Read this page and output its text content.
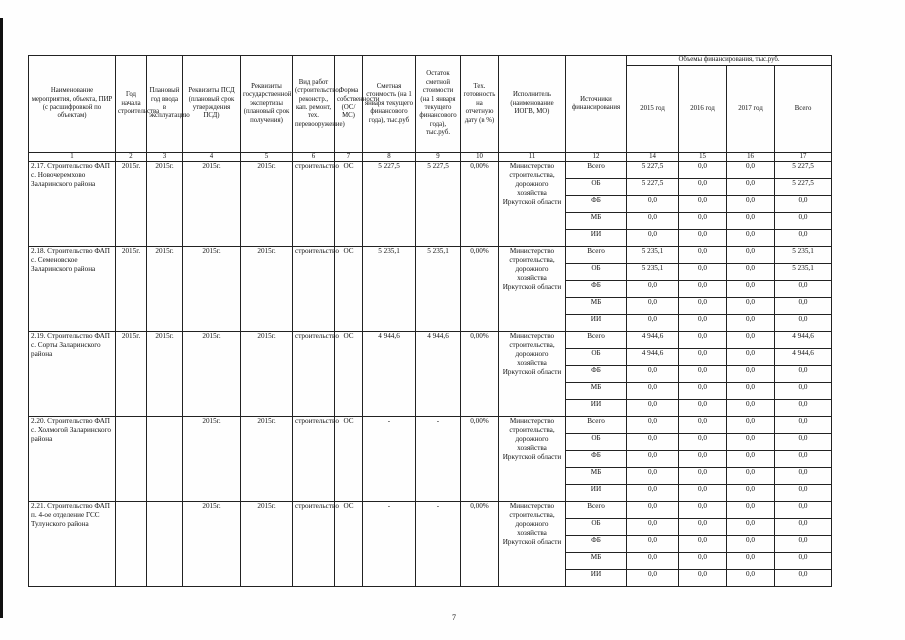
Наименование мероприятия, объекта, ПИР (с расшифровкой по объектам)	Год начала строительства	Плановый год ввода в эксплуатацию	Реквизиты ПСД (плановый срок утверждения ПСД)	Реквизиты государственной экспертизы (плановый срок получения)	Вид работ (строительство, реконстр., кап. ремонт, тех. перевооружение)	Форма собственности (ОС/МС)	Сметная стоимость (на 1 января текущего финансового года), тыс.руб	Остаток сметной стоимости (на 1 января текущего финансового года), тыс.руб.	Тех. готовность на отчетную дату (в %)	Исполнитель (наименование ИОГВ, МО)	Источники финансирования	Объемы финансирования, тыс.руб.			
												2015 год	2016 год	2017 год	Всего
1	2	3	4	5	6	7	8	9	10	11	12	14	15	16	17
2.17. Строительство ФАП с. Новочеремхово Заларинского района	2015г.	2015г.	2015г.	2015г.	строительство	ОС	5 227,5	5 227,5	0,00%	Министерство строительства, дорожного хозяйства Иркутской области	Всего	5 227,5	0,0	0,0	5 227,5
											ОБ	5 227,5	0,0	0,0	5 227,5
											ФБ	0,0	0,0	0,0	0,0
											МБ	0,0	0,0	0,0	0,0
											ИИ	0,0	0,0	0,0	0,0
2.18. Строительство ФАП с. Семеновское Заларинского района	2015г.	2015г.	2015г.	2015г.	строительство	ОС	5 235,1	5 235,1	0,00%	Министерство строительства, дорожного хозяйства Иркутской области	Всего	5 235,1	0,0	0,0	5 235,1
											ОБ	5 235,1	0,0	0,0	5 235,1
											ФБ	0,0	0,0	0,0	0,0
											МБ	0,0	0,0	0,0	0,0
											ИИ	0,0	0,0	0,0	0,0
2.19. Строительство ФАП с. Сорты Заларинского района	2015г.	2015г.	2015г.	2015г.	строительство	ОС	4 944,6	4 944,6	0,00%	Министерство строительства, дорожного хозяйства Иркутской области	Всего	4 944,6	0,0	0,0	4 944,6
											ОБ	4 944,6	0,0	0,0	4 944,6
											ФБ	0,0	0,0	0,0	0,0
											МБ	0,0	0,0	0,0	0,0
											ИИ	0,0	0,0	0,0	0,0
2.20. Строительство ФАП с. Холмогой Заларинского района			2015г.	2015г.	строительство	ОС	-	-	0,00%	Министерство строительства, дорожного хозяйства Иркутской области	Всего	0,0	0,0	0,0	0,0
											ОБ	0,0	0,0	0,0	0,0
											ФБ	0,0	0,0	0,0	0,0
											МБ	0,0	0,0	0,0	0,0
											ИИ	0,0	0,0	0,0	0,0
2.21. Строительство ФАП п. 4-ое отделение ГСС Тулунского района			2015г.	2015г.	строительство	ОС	-	-	0,00%	Министерство строительства, дорожного хозяйства Иркутской области	Всего	0,0	0,0	0,0	0,0
											ОБ	0,0	0,0	0,0	0,0
											ФБ	0,0	0,0	0,0	0,0
											МБ	0,0	0,0	0,0	0,0
											ИИ	0,0	0,0	0,0	0,0
7
